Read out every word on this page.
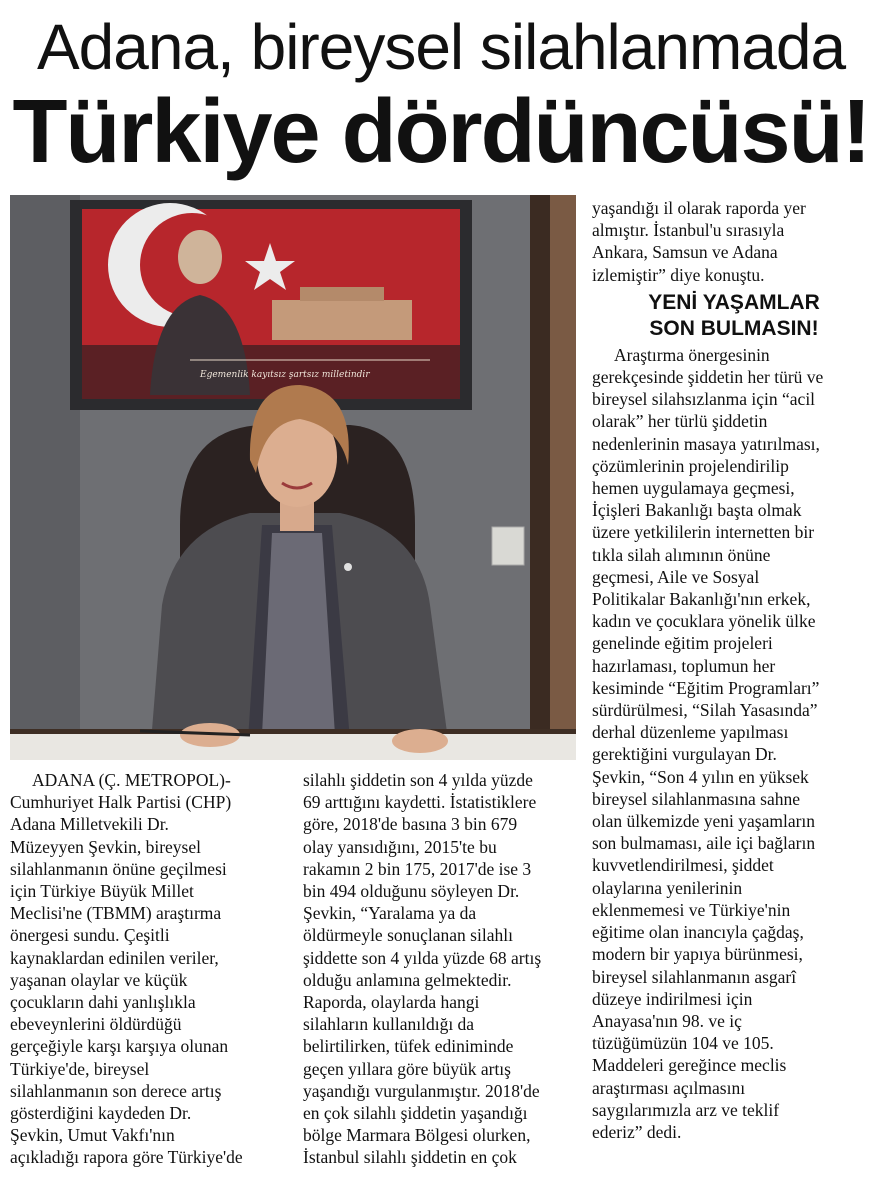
Adana, bireysel silahlanmada
Türkiye dördüncüsü!
Egemenlik kayıtsız şartsız milletindir
ADANA (Ç. METROPOL)-
Cumhuriyet Halk Partisi (CHP)
Adana Milletvekili Dr.
Müzeyyen Şevkin, bireysel
silahlanmanın önüne geçilmesi
için Türkiye Büyük Millet
Meclisi'ne (TBMM) araştırma
önergesi sundu. Çeşitli
kaynaklardan edinilen veriler,
yaşanan olaylar ve küçük
çocukların dahi yanlışlıkla
ebeveynlerini öldürdüğü
gerçeğiyle karşı karşıya olunan
Türkiye'de, bireysel
silahlanmanın son derece artış
gösterdiğini kaydeden Dr.
Şevkin, Umut Vakfı'nın
açıkladığı rapora göre Türkiye'de
silahlı şiddetin son 4 yılda yüzde
69 arttığını kaydetti. İstatistiklere
göre, 2018'de basına 3 bin 679
olay yansıdığını, 2015'te bu
rakamın 2 bin 175, 2017'de ise 3
bin 494 olduğunu söyleyen Dr.
Şevkin, “Yaralama ya da
öldürmeyle sonuçlanan silahlı
şiddette son 4 yılda yüzde 68 artış
olduğu anlamına gelmektedir.
Raporda, olaylarda hangi
silahların kullanıldığı da
belirtilirken, tüfek ediniminde
geçen yıllara göre büyük artış
yaşandığı vurgulanmıştır. 2018'de
en çok silahlı şiddetin yaşandığı
bölge Marmara Bölgesi olurken,
İstanbul silahlı şiddetin en çok
yaşandığı il olarak raporda yer
almıştır. İstanbul'u sırasıyla
Ankara, Samsun ve Adana
izlemiştir” diye konuştu.
YENİ YAŞAMLAR
SON BULMASIN!
Araştırma önergesinin
gerekçesinde şiddetin her türü ve
bireysel silahsızlanma için “acil
olarak” her türlü şiddetin
nedenlerinin masaya yatırılması,
çözümlerinin projelendirilip
hemen uygulamaya geçmesi,
İçişleri Bakanlığı başta olmak
üzere yetkililerin internetten bir
tıkla silah alımının önüne
geçmesi, Aile ve Sosyal
Politikalar Bakanlığı'nın erkek,
kadın ve çocuklara yönelik ülke
genelinde eğitim projeleri
hazırlaması, toplumun her
kesiminde “Eğitim Programları”
sürdürülmesi, “Silah Yasasında”
derhal düzenleme yapılması
gerektiğini vurgulayan Dr.
Şevkin, “Son 4 yılın en yüksek
bireysel silahlanmasına sahne
olan ülkemizde yeni yaşamların
son bulmaması, aile içi bağların
kuvvetlendirilmesi, şiddet
olaylarına yenilerinin
eklenmemesi ve Türkiye'nin
eğitime olan inancıyla çağdaş,
modern bir yapıya bürünmesi,
bireysel silahlanmanın asgarî
düzeye indirilmesi için
Anayasa'nın 98. ve iç
tüzüğümüzün 104 ve 105.
Maddeleri gereğince meclis
araştırması açılmasını
saygılarımızla arz ve teklif
ederiz” dedi.
